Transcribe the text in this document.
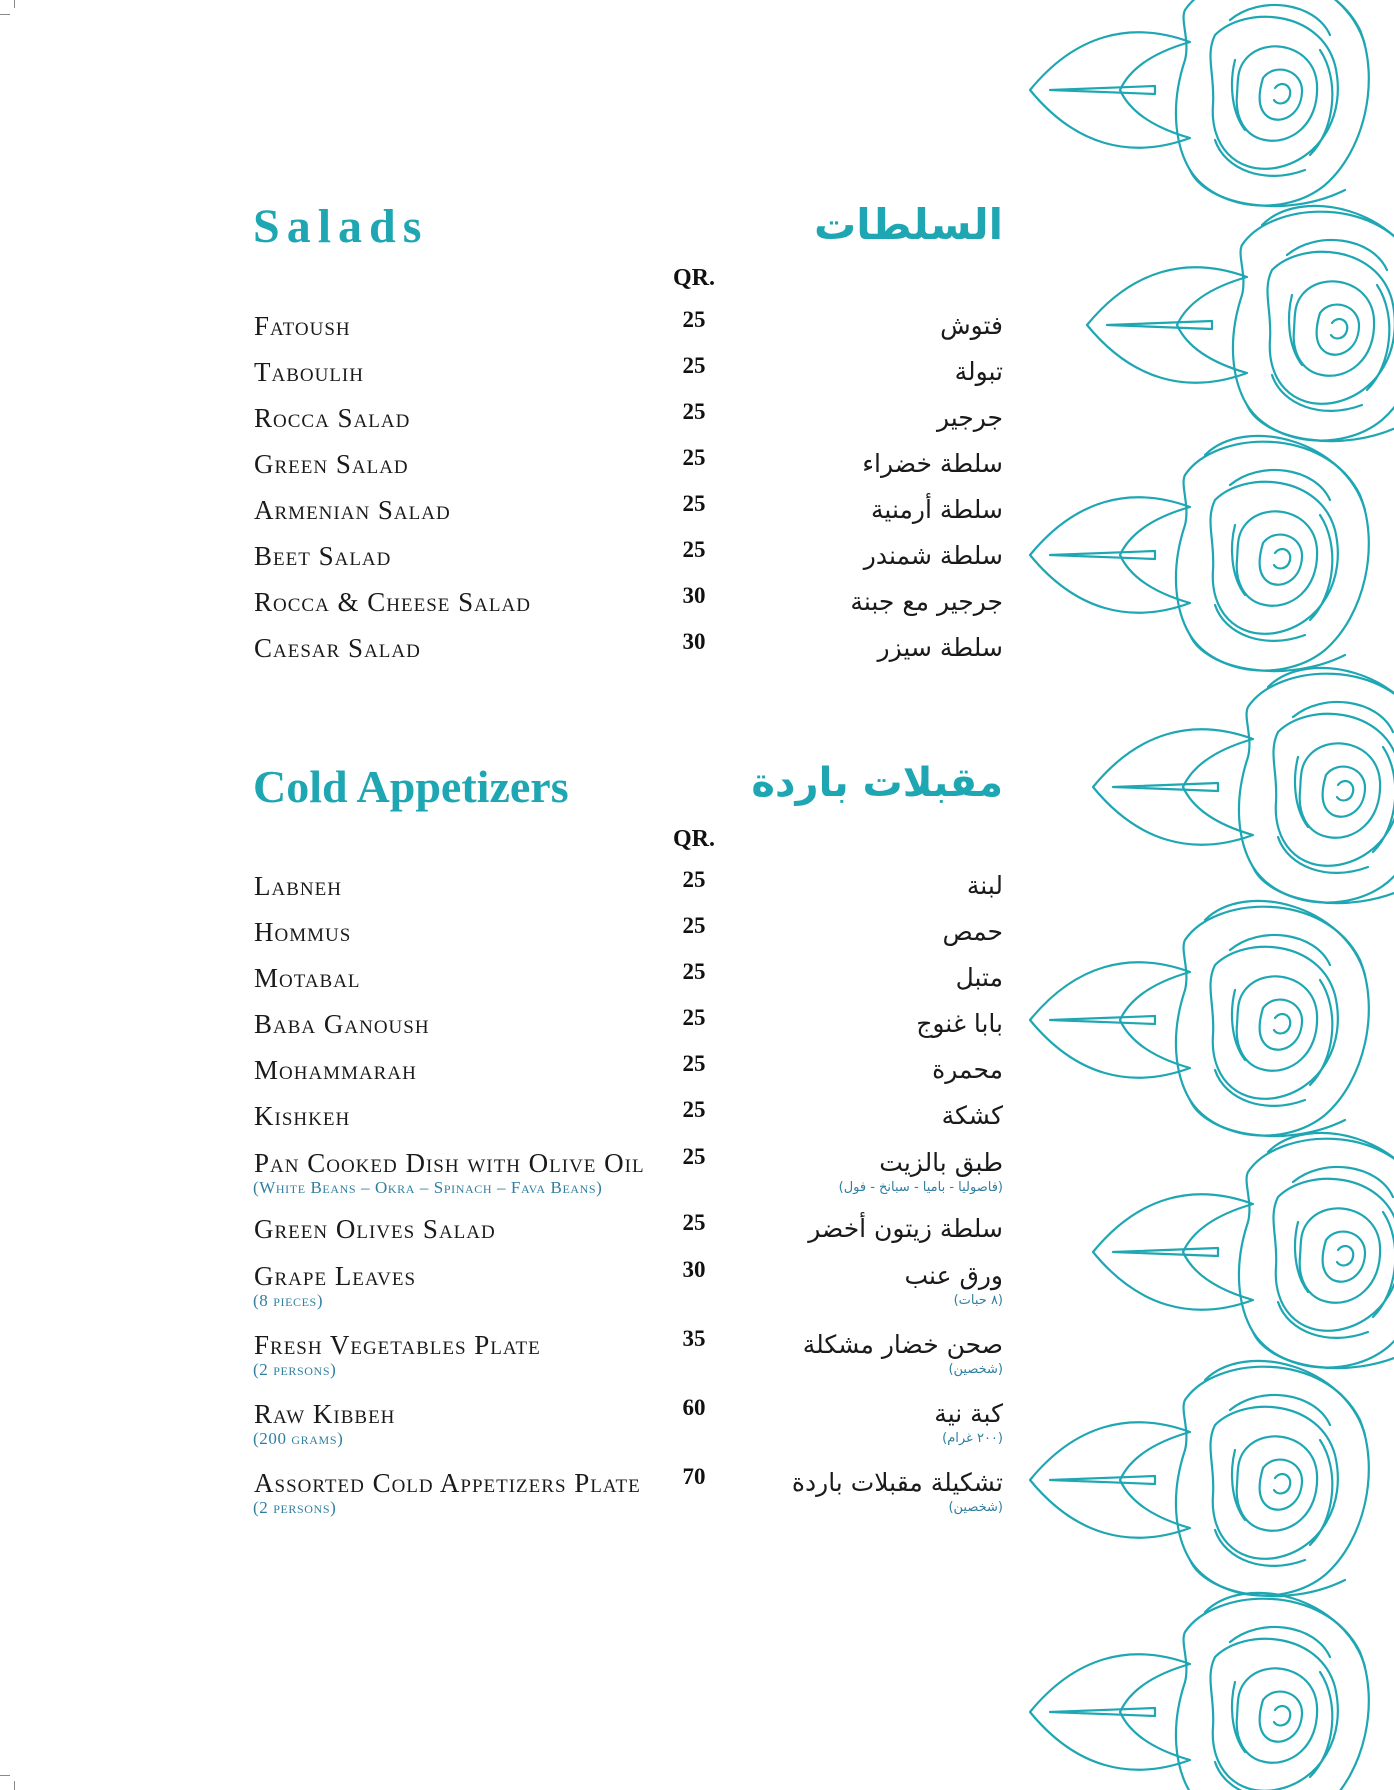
Salads	السلطات
QR.
Fatoush	25	فتوش
Taboulih	25	تبولة
Rocca Salad	25	جرجير
Green Salad	25	سلطة خضراء
Armenian Salad	25	سلطة أرمنية
Beet Salad	25	سلطة شمندر
Rocca & Cheese Salad	30	جرجير مع جبنة
Caesar Salad	30	سلطة سيزر
Cold Appetizers	مقبلات باردة
QR.
Labneh	25	لبنة
Hommus	25	حمص
Motabal	25	متبل
Baba Ganoush	25	بابا غنوج
Mohammarah	25	محمرة
Kishkeh	25	كشكة
Pan Cooked Dish with Olive Oil
(White Beans – Okra – Spinach – Fava Beans)
25	طبق بالزيت
(فاصوليا - باميا - سبانخ - فول)
Green Olives Salad	25	سلطة زيتون أخضر
Grape Leaves
(8 pieces)
30	ورق عنب
(٨ حبات)
Fresh Vegetables Plate
(2 persons)
35	صحن خضار مشكلة
(شخصين)
Raw Kibbeh
(200 grams)
60	كبة نية
(٢٠٠ غرام)
Assorted Cold Appetizers Plate
(2 persons)
70	تشكيلة مقبلات باردة
(شخصين)
